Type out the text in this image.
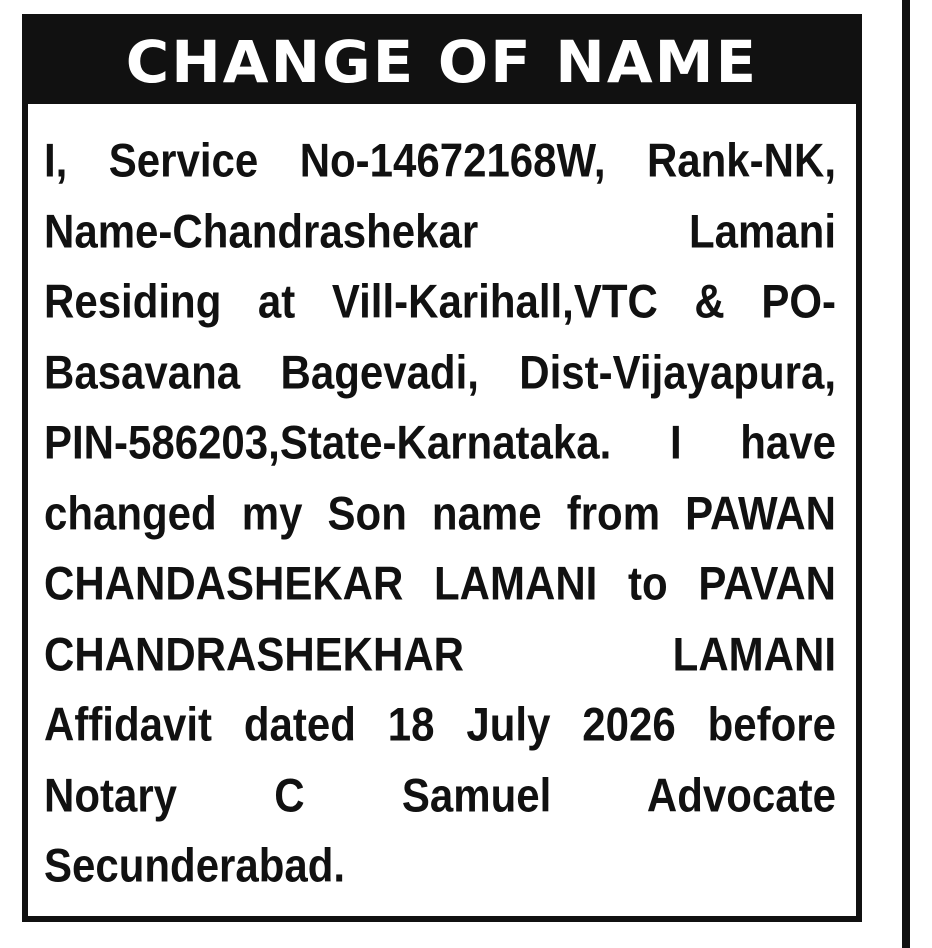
CHANGE OF NAME
I, Service No-14672168W, Rank-NK,
Name-Chandrashekar Lamani
Residing at Vill-Karihall,VTC & PO-
Basavana Bagevadi, Dist-Vijayapura,
PIN-586203,State-Karnataka. I have
changed my Son name from PAWAN
CHANDASHEKAR LAMANI to PAVAN
CHANDRASHEKHAR LAMANI
Affidavit dated 18 July 2026 before
Notary C Samuel Advocate
Secunderabad.
